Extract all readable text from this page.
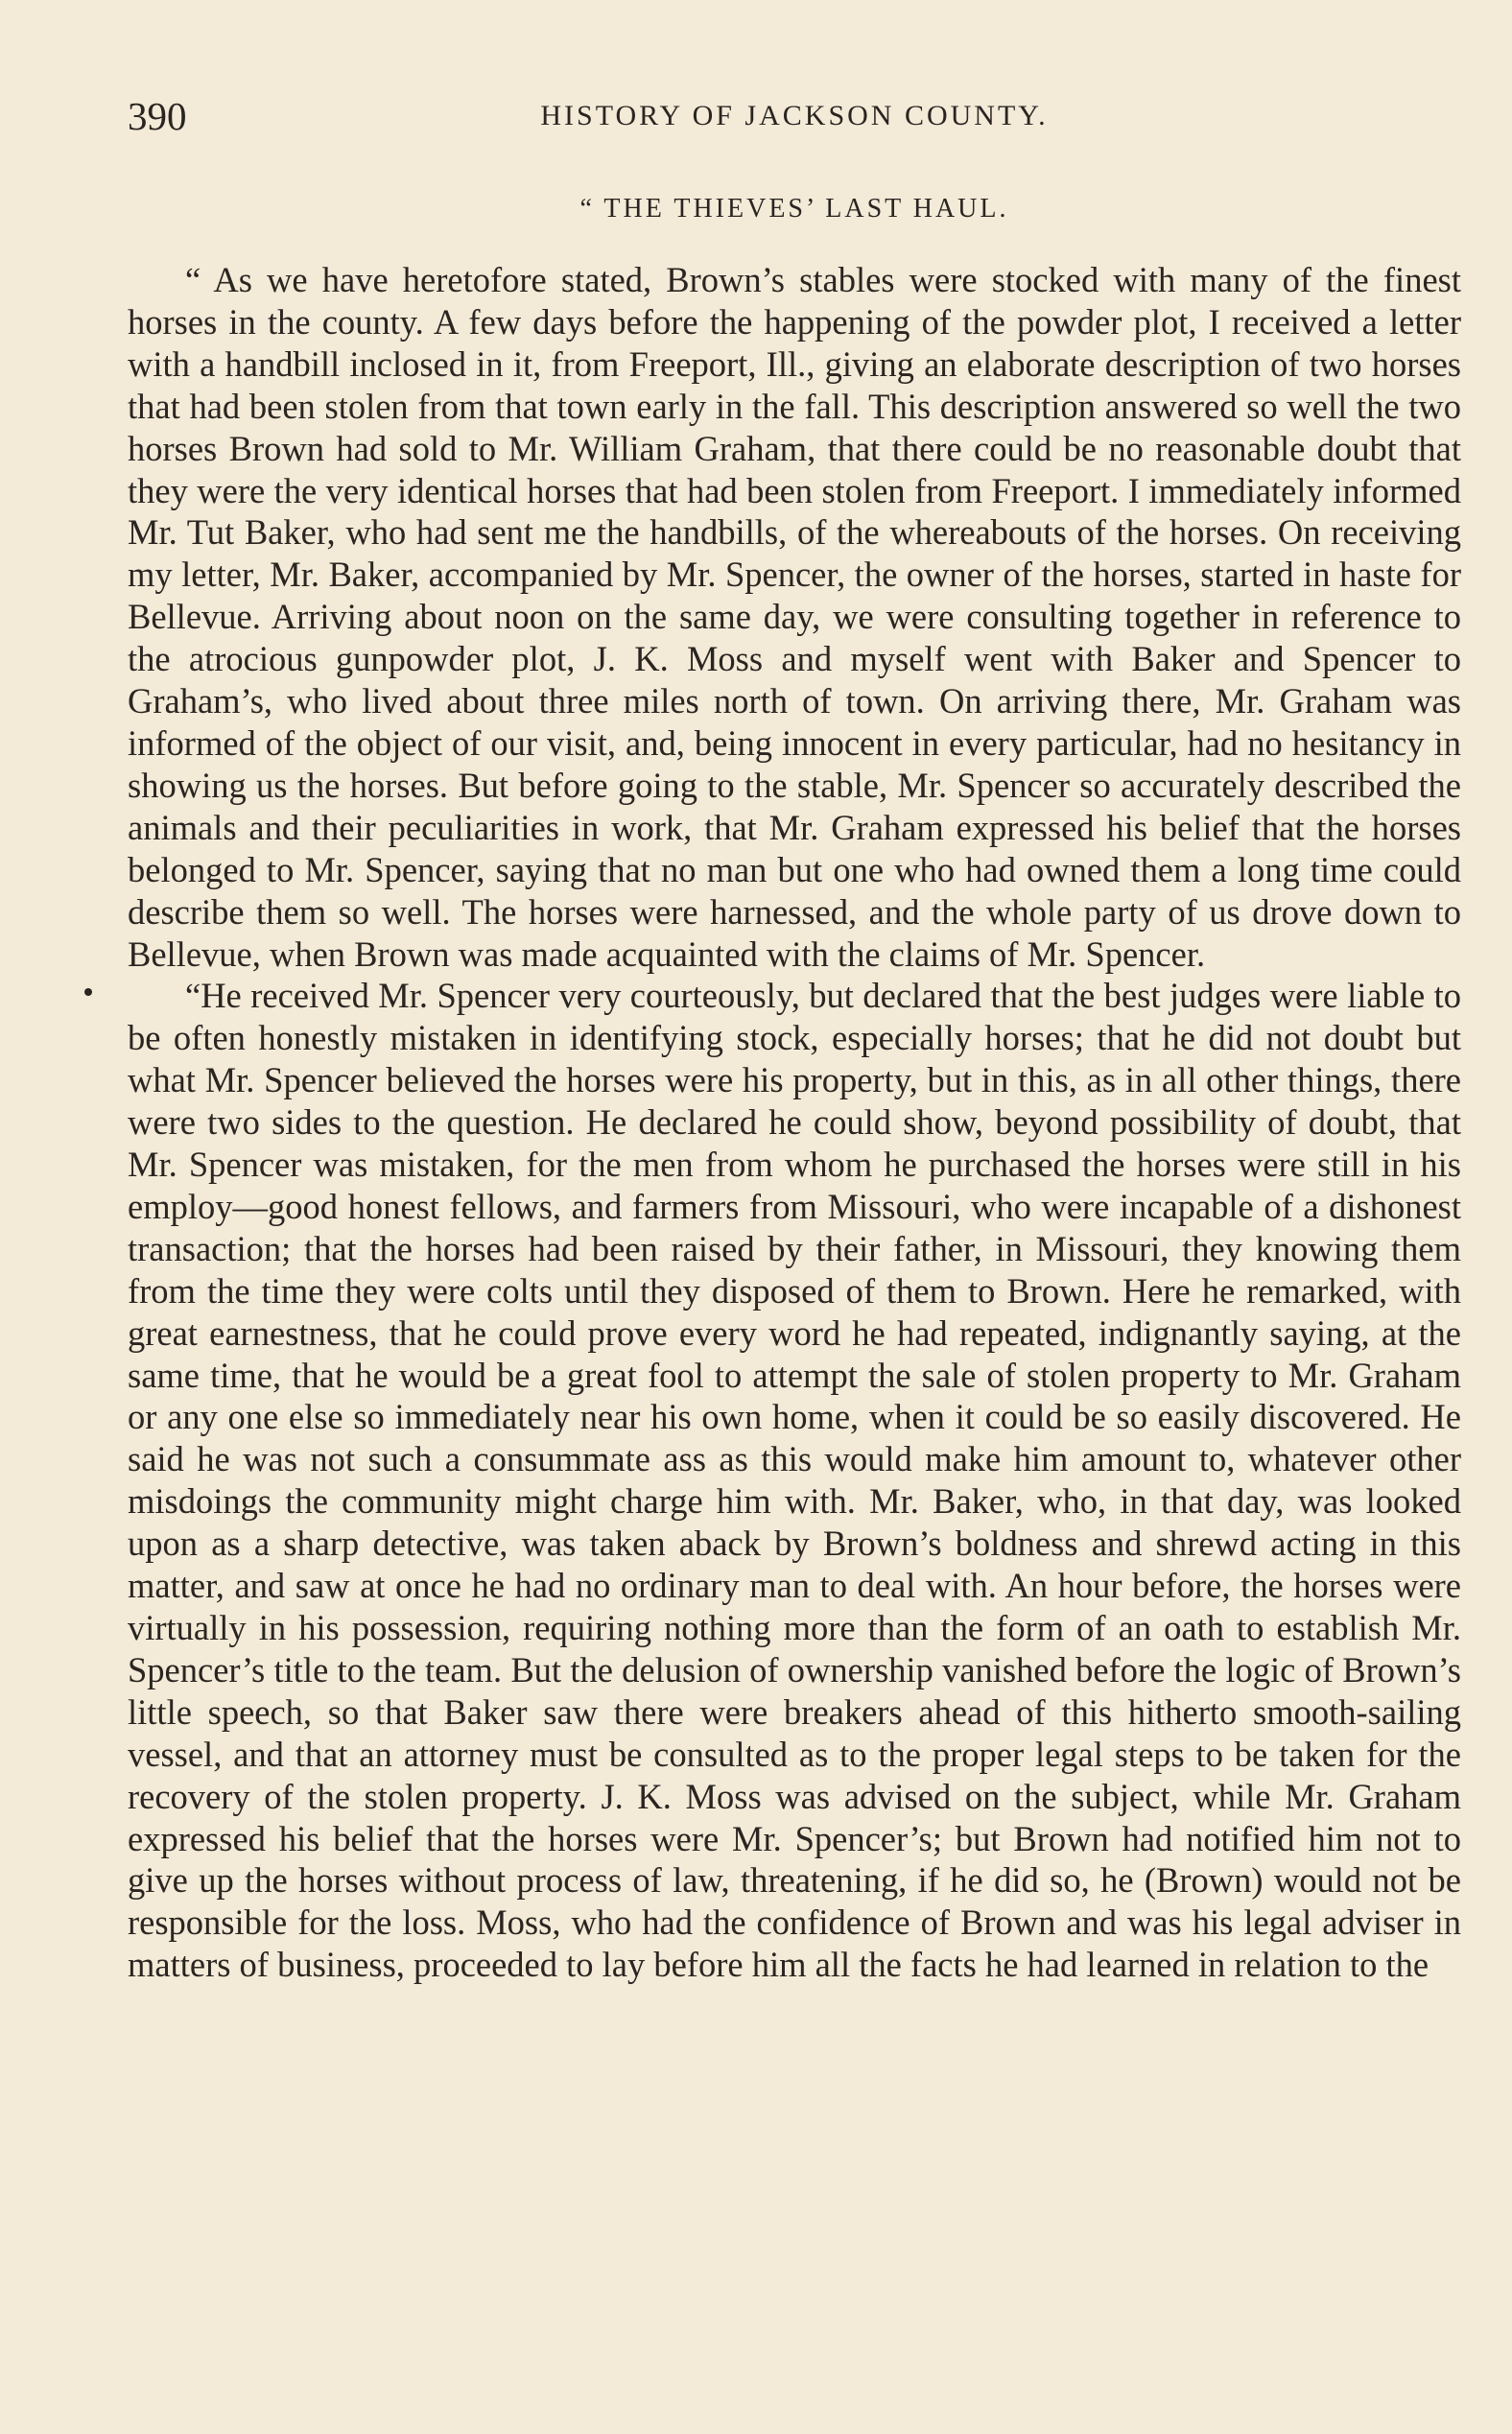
390	HISTORY OF JACKSON COUNTY.
“ THE THIEVES’ LAST HAUL.

“ As we have heretofore stated, Brown’s stables were stocked with many of the finest horses in the county. A few days before the happening of the powder plot, I received a letter with a handbill inclosed in it, from Freeport, Ill., giving an elaborate description of two horses that had been stolen from that town early in the fall. This description answered so well the two horses Brown had sold to Mr. William Graham, that there could be no reasonable doubt that they were the very identical horses that had been stolen from Freeport. I immediately informed Mr. Tut Baker, who had sent me the handbills, of the whereabouts of the horses. On receiving my letter, Mr. Baker, accompanied by Mr. Spencer, the owner of the horses, started in haste for Bellevue. Arriving about noon on the same day, we were consulting together in reference to the atrocious gunpowder plot, J. K. Moss and myself went with Baker and Spencer to Graham’s, who lived about three miles north of town. On arriving there, Mr. Graham was informed of the object of our visit, and, being innocent in every particular, had no hesitancy in showing us the horses. But before going to the stable, Mr. Spencer so accurately described the animals and their peculiarities in work, that Mr. Graham expressed his belief that the horses belonged to Mr. Spencer, saying that no man but one who had owned them a long time could describe them so well. The horses were harnessed, and the whole party of us drove down to Bellevue, when Brown was made acquainted with the claims of Mr. Spencer.

“He received Mr. Spencer very courteously, but declared that the best judges were liable to be often honestly mistaken in identifying stock, especially horses; that he did not doubt but what Mr. Spencer believed the horses were his property, but in this, as in all other things, there were two sides to the question. He declared he could show, beyond possibility of doubt, that Mr. Spencer was mistaken, for the men from whom he purchased the horses were still in his employ—good honest fellows, and farmers from Missouri, who were incapable of a dishonest transaction; that the horses had been raised by their father, in Missouri, they knowing them from the time they were colts until they disposed of them to Brown. Here he remarked, with great earnestness, that he could prove every word he had repeated, indignantly saying, at the same time, that he would be a great fool to attempt the sale of stolen property to Mr. Graham or any one else so immediately near his own home, when it could be so easily discovered. He said he was not such a consummate ass as this would make him amount to, whatever other misdoings the community might charge him with. Mr. Baker, who, in that day, was looked upon as a sharp detective, was taken aback by Brown’s boldness and shrewd acting in this matter, and saw at once he had no ordinary man to deal with. An hour before, the horses were virtually in his possession, requiring nothing more than the form of an oath to establish Mr. Spencer’s title to the team. But the delusion of ownership vanished before the logic of Brown’s little speech, so that Baker saw there were breakers ahead of this hitherto smooth-sailing vessel, and that an attorney must be consulted as to the proper legal steps to be taken for the recovery of the stolen property. J. K. Moss was advised on the subject, while Mr. Graham expressed his belief that the horses were Mr. Spencer’s; but Brown had notified him not to give up the horses without process of law, threatening, if he did so, he (Brown) would not be responsible for the loss. Moss, who had the confidence of Brown and was his legal adviser in matters of business, proceeded to lay before him all the facts he had learned in relation to the
